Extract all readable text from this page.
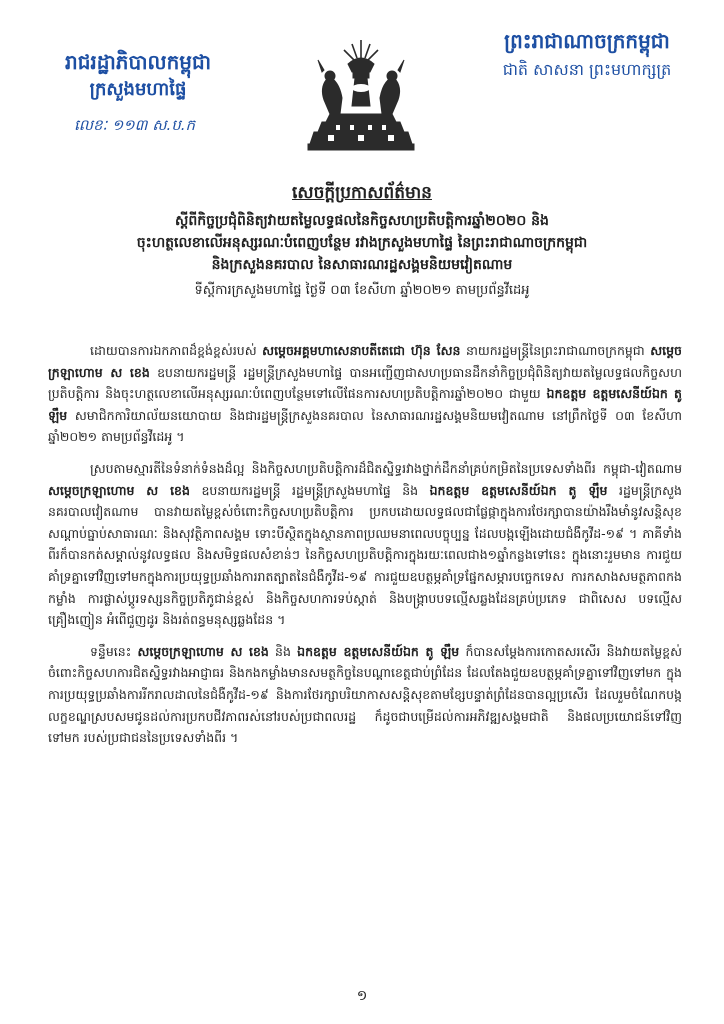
រាជរដ្ឋាភិបាលកម្ពុជា
ក្រសួងមហាផ្ទៃ
លេខៈ ១១៣ ស.ប.ក
ព្រះរាជាណាចក្រកម្ពុជា
ជាតិ សាសនា ព្រះមហាក្សត្រ
សេចក្តីប្រកាសព័ត៌មាន

ស្តីពីកិច្ចប្រជុំពិនិត្យវាយតម្លៃលទ្ធផលនៃកិច្ចសហប្រតិបត្តិការឆ្នាំ២០២០ និង

ចុះហត្ថលេខាលើអនុស្សរណៈបំពេញបន្ថែម រវាងក្រសួងមហាផ្ទៃ នៃព្រះរាជាណាចក្រកម្ពុជា

និងក្រសួងនគរបាល នៃសាធារណរដ្ឋសង្គមនិយមវៀតណាម

ទីស្តីការក្រសួងមហាផ្ទៃ ថ្ងៃទី ០៣ ខែសីហា ឆ្នាំ២០២១ តាមប្រព័ន្ធវីដេអូ

ដោយបានការឯកភាពដ៏ខ្ពង់ខ្ពស់របស់ សម្តេចអគ្គមហាសេនាបតីតេជោ ហ៊ុន សែន នាយករដ្ឋមន្ត្រីនៃព្រះរាជាណាចក្រកម្ពុជា សម្តេចក្រឡាហោម ស ខេង ឧបនាយករដ្ឋមន្ត្រី រដ្ឋមន្ត្រីក្រសួងមហាផ្ទៃ បានអញ្ជើញជាសហប្រធានដឹកនាំកិច្ចប្រជុំពិនិត្យវាយតម្លៃលទ្ធផលកិច្ចសហប្រតិបត្តិការ និងចុះហត្ថលេខាលើអនុស្សរណៈបំពេញបន្ថែមទៅលើផែនការសហប្រតិបត្តិការឆ្នាំ២០២០ ជាមួយ ឯកឧត្តម ឧត្តមសេនីយ៍ឯក តូ ឡឹម សមាជិកការិយាល័យនយោបាយ និងជារដ្ឋមន្ត្រីក្រសួងនគរបាល នៃសាធារណរដ្ឋសង្គមនិយមវៀតណាម នៅព្រឹកថ្ងៃទី ០៣ ខែសីហា ឆ្នាំ២០២១ តាមប្រព័ន្ធវីដេអូ ។

ស្របតាមស្មារតីនៃទំនាក់ទំនងដ៏ល្អ និងកិច្ចសហប្រតិបត្តិការដ៏ជិតស្និទ្ធរវាងថ្នាក់ដឹកនាំគ្រប់កម្រិតនៃប្រទេសទាំងពីរ កម្ពុជា-វៀតណាម សម្តេចក្រឡាហោម ស ខេង ឧបនាយករដ្ឋមន្ត្រី រដ្ឋមន្ត្រីក្រសួងមហាផ្ទៃ និង ឯកឧត្តម ឧត្តមសេនីយ៍ឯក តូ ឡឹម រដ្ឋមន្ត្រីក្រសួងនគរបាលវៀតណាម បានវាយតម្លៃខ្ពស់ចំពោះកិច្ចសហប្រតិបត្តិការ ប្រកបដោយលទ្ធផលជាផ្លែផ្កាក្នុងការថែរក្សាបានយ៉ាងរឹងមាំនូវសន្តិសុខ សណ្តាប់ធ្នាប់សាធារណៈ និងសុវត្ថិភាពសង្គម ទោះបីស្ថិតក្នុងស្ថានភាពប្រឈមនាពេលបច្ចុប្បន្ន ដែលបង្កឡើងដោយជំងឺកូវីដ-១៩ ។ ភាគីទាំងពីរក៏បានកត់សម្គាល់នូវលទ្ធផល និងសមិទ្ធផលសំខាន់ៗ នៃកិច្ចសហប្រតិបត្តិការក្នុងរយៈពេលជាង១ឆ្នាំកន្លងទៅនេះ ក្នុងនោះរួមមាន ការជួយគាំទ្រគ្នាទៅវិញទៅមកក្នុងការប្រយុទ្ធប្រឆាំងការរាតត្បាតនៃជំងឺកូវីដ-១៩ ការជួយឧបត្ថម្ភគាំទ្រផ្នែកសម្ភារបច្ចេកទេស ការកសាងសមត្ថភាពកងកម្លាំង ការផ្លាស់ប្តូរទស្សនកិច្ចប្រតិភូជាន់ខ្ពស់ និងកិច្ចសហការទប់ស្កាត់ និងបង្ក្រាបបទល្មើសឆ្លងដែនគ្រប់ប្រភេទ ជាពិសេស បទល្មើសគ្រឿងញៀន អំពើជួញដូរ និងរត់ពន្ធមនុស្សឆ្លងដែន ។

ទន្ទឹមនេះ សម្តេចក្រឡាហោម ស ខេង និង ឯកឧត្តម ឧត្តមសេនីយ៍ឯក តូ ឡឹម ក៏បានសម្តែងការកោតសរសើរ និងវាយតម្លៃខ្ពស់ ចំពោះកិច្ចសហការជិតស្និទ្ធរវាងអាជ្ញាធរ និងកងកម្លាំងមានសមត្ថកិច្ចនៃបណ្តាខេត្តជាប់ព្រំដែន ដែលតែងជួយឧបត្ថម្ភគាំទ្រគ្នាទៅវិញទៅមក ក្នុងការប្រយុទ្ធប្រឆាំងការរីករាលដាលនៃជំងឺកូវីដ-១៩ និងការថែរក្សាបរិយាកាសសន្តិសុខតាមខ្សែបន្ទាត់ព្រំដែនបានល្អប្រសើរ ដែលរួមចំណែកបង្កលក្ខខណ្ឌស្របសមជូនដល់ការប្រកបជីវភាពរស់នៅរបស់ប្រជាពលរដ្ឋ ក៏ដូចជាបម្រើដល់ការអភិវឌ្ឍសង្គមជាតិ និងផលប្រយោជន៍ទៅវិញទៅមក របស់ប្រជាជននៃប្រទេសទាំងពីរ ។

១
